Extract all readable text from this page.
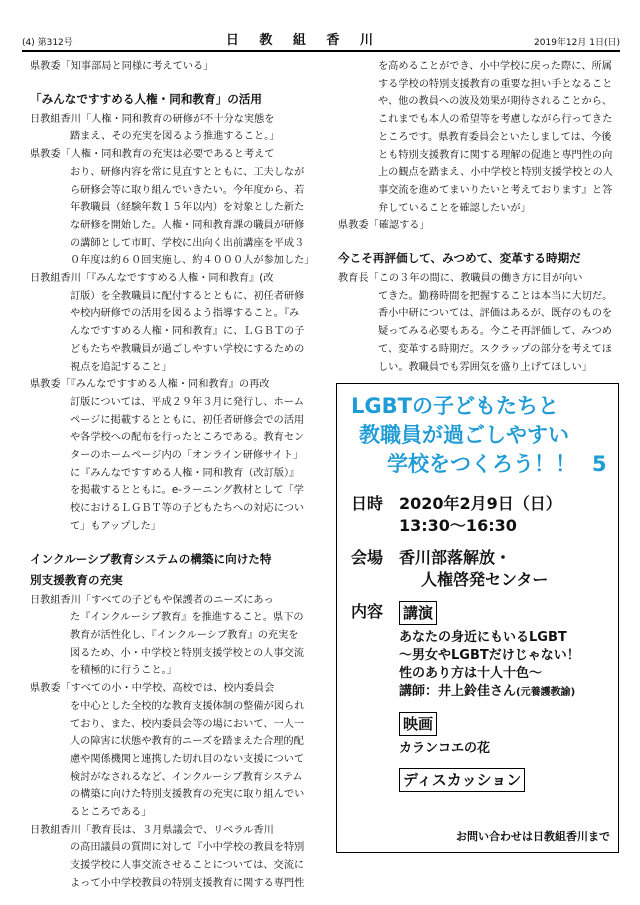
(4) 第312号	日 教 組 香 川	2019年12月 1日(日)

県教委「知事部局と同様に考えている」

「みんなですすめる人権・同和教育」の活用

日教組香川「人権・同和教育の研修が不十分な実態を

踏まえ、その充実を図るよう推進すること。」

県教委「人権・同和教育の充実は必要であると考えて

おり、研修内容を常に見直すとともに、工夫しなが

ら研修会等に取り組んでいきたい。今年度から、若

年教職員（経験年数１５年以内）を対象とした新た

な研修を開始した。人権・同和教育課の職員が研修

の講師として市町、学校に出向く出前講座を平成３

０年度は約６０回実施し、約４０００人が参加した」

日教組香川「『みんなですすめる人権・同和教育』(改

訂版）を全教職員に配付するとともに、初任者研修

や校内研修での活用を図るよう指導すること。『み

んなですすめる人権・同和教育』に、ＬＧＢＴの子

どもたちや教職員が過ごしやすい学校にするための

視点を追記すること」

県教委「『みんなですすめる人権・同和教育』の再改

訂版については、平成２９年３月に発行し、ホーム

ページに掲載するとともに、初任者研修会での活用

や各学校への配布を行ったところである。教育セン

ターのホームページ内の「オンライン研修サイト」

に『みんなですすめる人権・同和教育（改訂版）』

を掲載するとともに。e-ラーニング教材として「学

校におけるＬＧＢＴ等の子どもたちへの対応につい

て」もアップした」

インクルーシブ教育システムの構築に向けた特

別支援教育の充実

日教組香川「すべての子どもや保護者のニーズにあっ

た『インクルーシブ教育』を推進すること。県下の

教育が活性化し、『インクルーシブ教育』の充実を

図るため、小・中学校と特別支援学校との人事交流

を積極的に行うこと。」

県教委「すべての小・中学校、高校では、校内委員会

を中心とした全校的な教育支援体制の整備が図られ

ており、また、校内委員会等の場において、一人一

人の障害に状態や教育的ニーズを踏まえた合理的配

慮や関係機関と連携した切れ目のない支援について

検討がなされるなど、インクルーシブ教育システム

の構築に向けた特別支援教育の充実に取り組んでい

るところである」

日教組香川「教育長は、３月県議会で、リベラル香川

の高田議員の質問に対して『小中学校の教員を特別

支援学校に人事交流させることについては、交流に

よって小中学校教員の特別支援教育に関する専門性

を高めることができ、小中学校に戻った際に、所属

する学校の特別支援教育の重要な担い手となること

や、他の教員への波及効果が期待されることから、

これまでも本人の希望等を考慮しながら行ってきた

ところです。県教育委員会といたしましては、今後

とも特別支援教育に関する理解の促進と専門性の向

上の観点を踏まえ、小中学校と特別支援学校との人

事交流を進めてまいりたいと考えております』と答

弁していることを確認したいが」

県教委「確認する」

今こそ再評価して、みつめて、変革する時期だ

教育長「この３年の間に、教職員の働き方に目が向い

てきた。勤務時間を把握することは本当に大切だ。

香小中研については、評価はあるが、既存のものを

疑ってみる必要もある。今こそ再評価して、みつめ

て、変革する時期だ。スクラップの部分を考えてほ

しい。教職員でも雰囲気を盛り上げてほしい」

LGBTの子どもたちと
教職員が過ごしやすい
学校をつくろう！！ 5
日時 2020年2月9日（日）
13:30～16:30
会場 香川部落解放・
人権啓発センター
内容	講演
あなたの身近にもいるLGBT
～男女やLGBTだけじゃない！
性のあり方は十人十色～
講師：井上鈴佳さん(元養護教諭)
映画
カランコエの花
ディスカッション
お問い合わせは日教組香川まで
